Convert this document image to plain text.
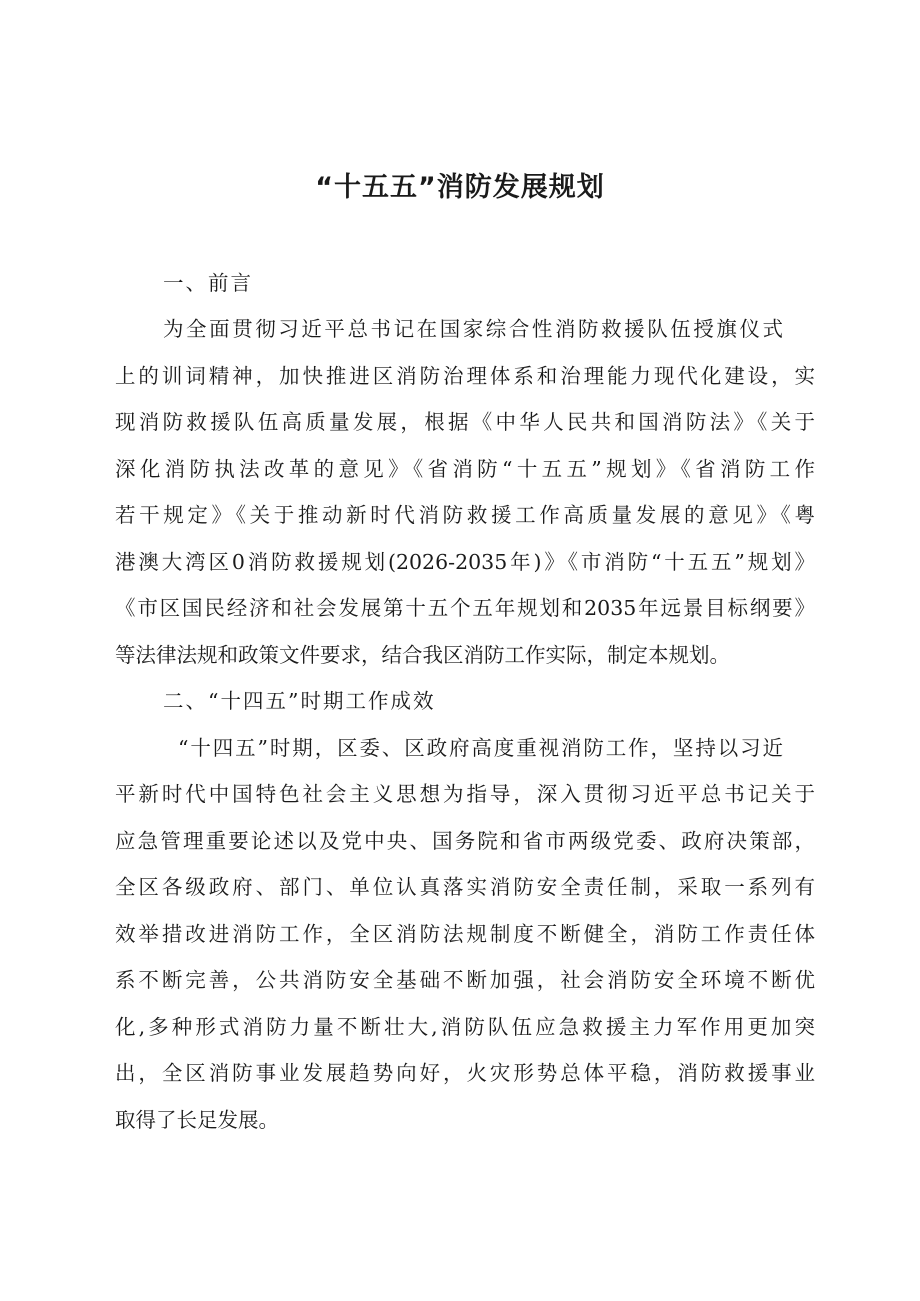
“十五五”消防发展规划
一、前言
为全面贯彻习近平总书记在国家综合性消防救援队伍授旗仪式
上的训词精神，加快推进区消防治理体系和治理能力现代化建设，实
现消防救援队伍高质量发展，根据《中华人民共和国消防法》《关于
深化消防执法改革的意见》《省消防“十五五”规划》《省消防工作
若干规定》《关于推动新时代消防救援工作高质量发展的意见》《粤
港澳大湾区0消防救援规划(2026-2035年)》《市消防“十五五”规划》
《市区国民经济和社会发展第十五个五年规划和2035年远景目标纲要》
等法律法规和政策文件要求，结合我区消防工作实际，制定本规划。
二、“十四五”时期工作成效
“十四五”时期，区委、区政府高度重视消防工作，坚持以习近
平新时代中国特色社会主义思想为指导，深入贯彻习近平总书记关于
应急管理重要论述以及党中央、国务院和省市两级党委、政府决策部，
全区各级政府、部门、单位认真落实消防安全责任制，采取一系列有
效举措改进消防工作，全区消防法规制度不断健全，消防工作责任体
系不断完善，公共消防安全基础不断加强，社会消防安全环境不断优
化,多种形式消防力量不断壮大,消防队伍应急救援主力军作用更加突
出，全区消防事业发展趋势向好，火灾形势总体平稳，消防救援事业
取得了长足发展。
